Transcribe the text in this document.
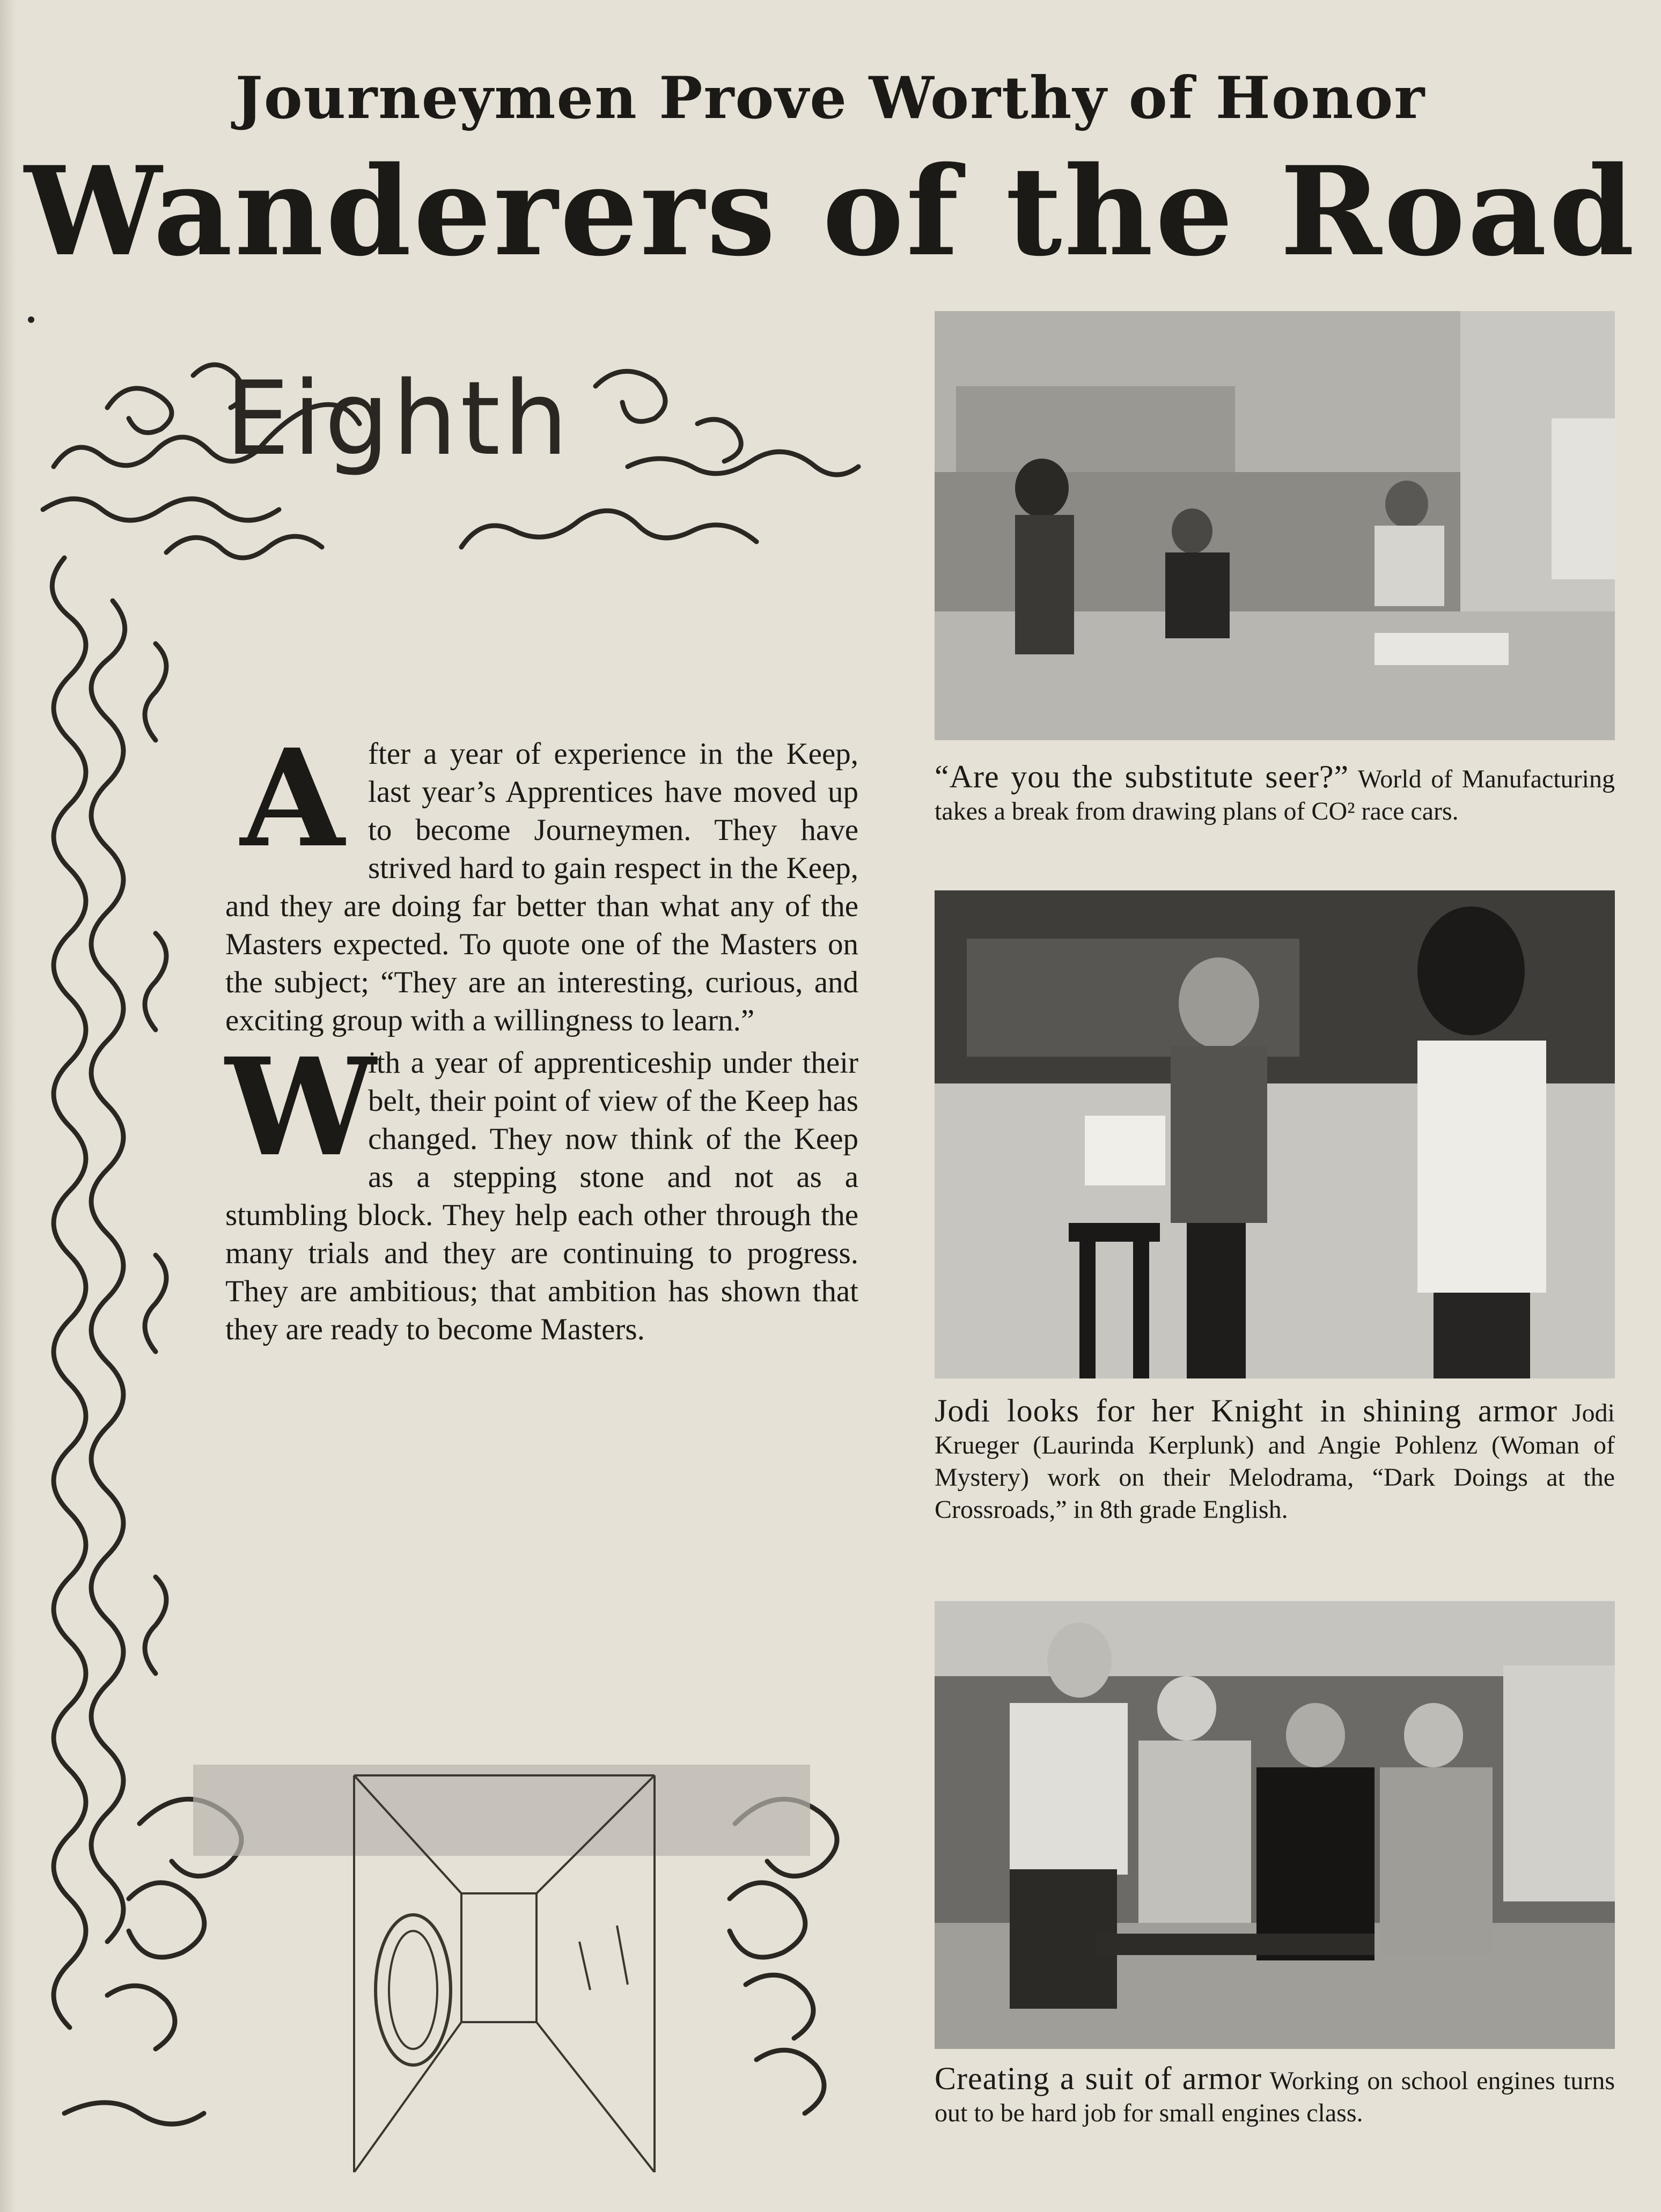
Journeymen Prove Worthy of Honor
Wanderers of the Road
Eighth

After a year of experience in the Keep, last year’s Apprentices have moved up to become Journeymen. They have strived hard to gain respect in the Keep, and they are doing far better than what any of the Masters expected. To quote one of the Masters on the subject; “They are an interesting, curious, and exciting group with a willingness to learn.”

W
ith a year of apprenticeship under their belt, their point of view of the Keep has changed. They now think of the Keep as a stepping stone and not as a stumbling block. They help each other through the many trials and they are continuing to progress. They are ambitious; that ambition has shown that they are ready to become Masters.

“Are you the substitute seer?” World of Manufacturing takes a break from drawing plans of CO² race cars.
Jodi looks for her Knight in shining armor Jodi Krueger (Laurinda Kerplunk) and Angie Pohlenz (Woman of Mystery) work on their Melodrama, “Dark Doings at the Crossroads,” in 8th grade English.
Creating a suit of armor Working on school engines turns out to be hard job for small engines class.
